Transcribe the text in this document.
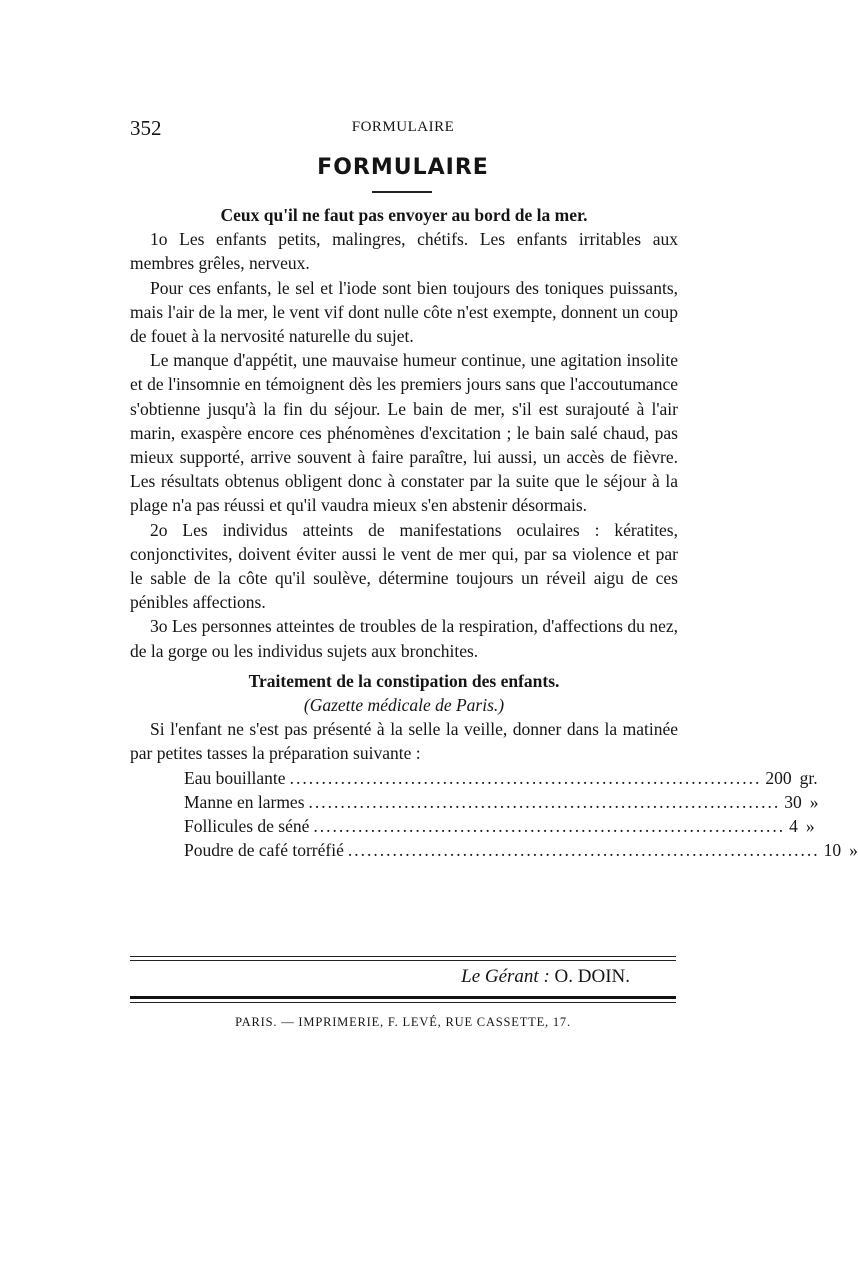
352	FORMULAIRE
FORMULAIRE

Ceux qu'il ne faut pas envoyer au bord de la mer.

1o Les enfants petits, malingres, chétifs. Les enfants irritables aux membres grêles, nerveux.

Pour ces enfants, le sel et l'iode sont bien toujours des toniques puissants, mais l'air de la mer, le vent vif dont nulle côte n'est exempte, donnent un coup de fouet à la nervosité naturelle du sujet.

Le manque d'appétit, une mauvaise humeur continue, une agitation insolite et de l'insomnie en témoignent dès les premiers jours sans que l'accoutumance s'obtienne jusqu'à la fin du séjour. Le bain de mer, s'il est surajouté à l'air marin, exaspère encore ces phénomènes d'excitation ; le bain salé chaud, pas mieux supporté, arrive souvent à faire paraître, lui aussi, un accès de fièvre. Les résultats obtenus obligent donc à constater par la suite que le séjour à la plage n'a pas réussi et qu'il vaudra mieux s'en abstenir désormais.

2o Les individus atteints de manifestations oculaires : kératites, conjonctivites, doivent éviter aussi le vent de mer qui, par sa violence et par le sable de la côte qu'il soulève, détermine toujours un réveil aigu de ces pénibles affections.

3o Les personnes atteintes de troubles de la respiration, d'affections du nez, de la gorge ou les individus sujets aux bronchites.

Traitement de la constipation des enfants.

(Gazette médicale de Paris.)

Si l'enfant ne s'est pas présenté à la selle la veille, donner dans la matinée par petites tasses la préparation suivante :

Eau bouillante .......................................................................... 200 gr.
Manne en larmes .......................................................................... 30 »
Follicules de séné .......................................................................... 4 »
Poudre de café torréfié .......................................................................... 10 »
Le Gérant : O. DOIN.
PARIS. — IMPRIMERIE, F. LEVÉ, RUE CASSETTE, 17.
